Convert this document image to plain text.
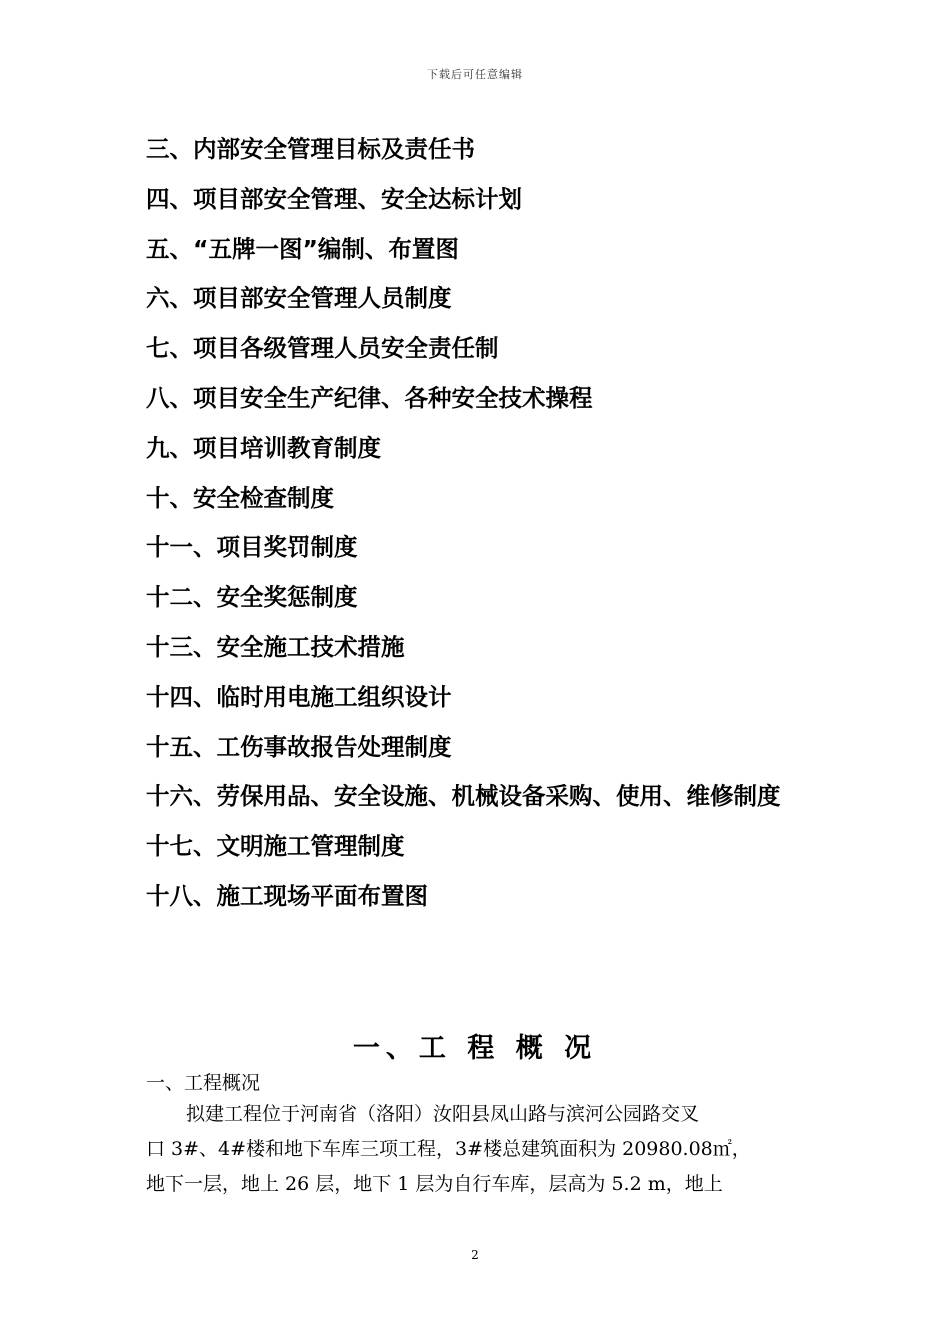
下载后可任意编辑
三、内部安全管理目标及责任书
四、项目部安全管理、安全达标计划
五、“五牌一图”编制、布置图
六、项目部安全管理人员制度
七、项目各级管理人员安全责任制
八、项目安全生产纪律、各种安全技术操程
九、项目培训教育制度
十、安全检查制度
十一、项目奖罚制度
十二、安全奖惩制度
十三、安全施工技术措施
十四、临时用电施工组织设计
十五、工伤事故报告处理制度
十六、劳保用品、安全设施、机械设备采购、使用、维修制度
十七、文明施工管理制度
十八、施工现场平面布置图
一、工 程 概 况

一、工程概况

拟建工程位于河南省（洛阳）汝阳县凤山路与滨河公园路交叉

口 3#、4#楼和地下车库三项工程，3#楼总建筑面积为 20980.08㎡，

地下一层，地上 26 层，地下 1 层为自行车库，层高为 5.2 m，地上

2
